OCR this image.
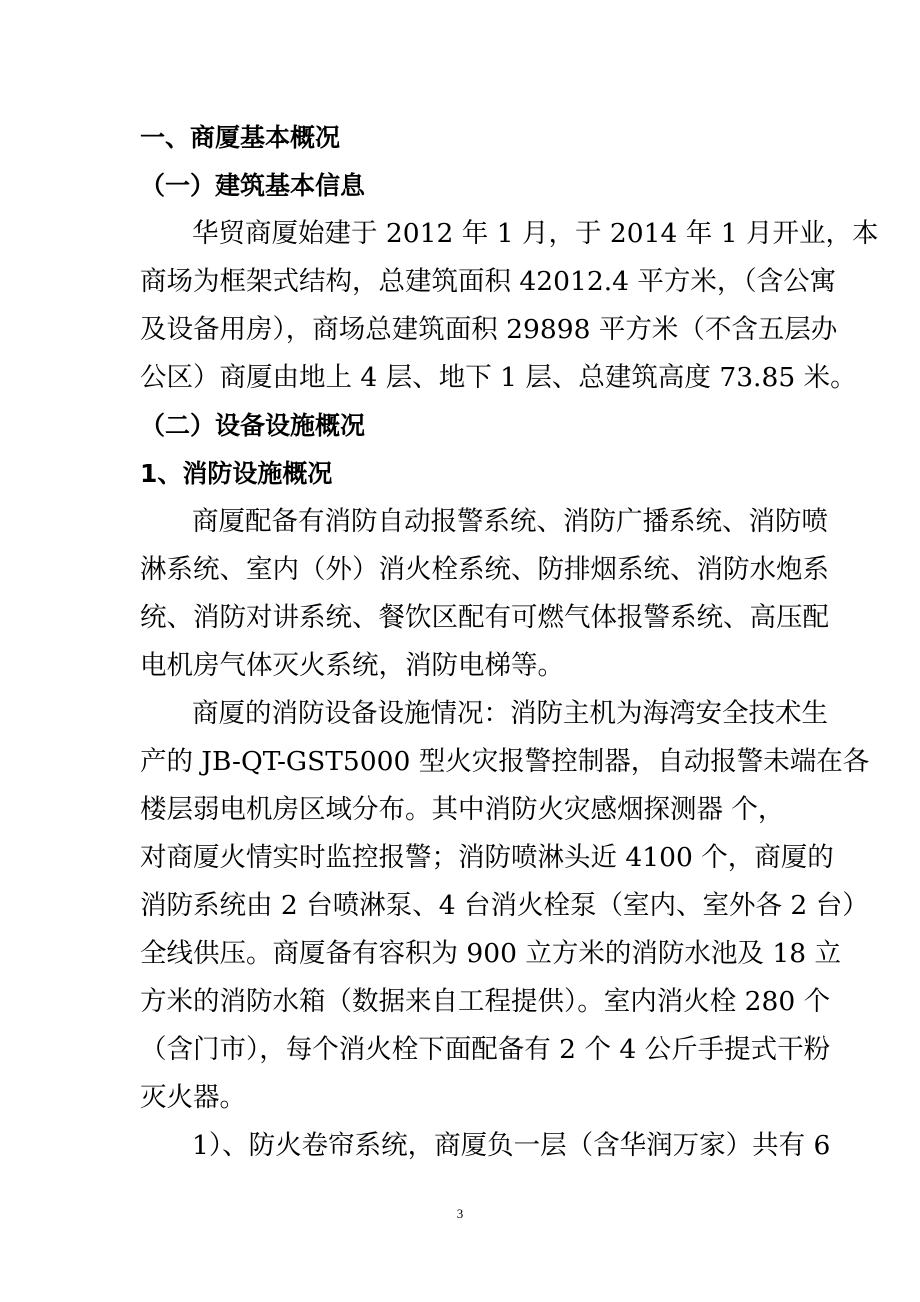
一、商厦基本概况
（一）建筑基本信息
华贸商厦始建于 2012 年 1 月，于 2014 年 1 月开业，本
商场为框架式结构，总建筑面积 42012.4 平方米，（含公寓
及设备用房），商场总建筑面积 29898 平方米（不含五层办
公区）商厦由地上 4 层、地下 1 层、总建筑高度 73.85 米。
（二）设备设施概况
1、消防设施概况
商厦配备有消防自动报警系统、消防广播系统、消防喷
淋系统、室内（外）消火栓系统、防排烟系统、消防水炮系
统、消防对讲系统、餐饮区配有可燃气体报警系统、高压配
电机房气体灭火系统，消防电梯等。
商厦的消防设备设施情况：消防主机为海湾安全技术生
产的 JB-QT-GST5000 型火灾报警控制器，自动报警未端在各
楼层弱电机房区域分布。其中消防火灾感烟探测器 个，
对商厦火情实时监控报警；消防喷淋头近 4100 个，商厦的
消防系统由 2 台喷淋泵、4 台消火栓泵（室内、室外各 2 台）
全线供压。商厦备有容积为 900 立方米的消防水池及 18 立
方米的消防水箱（数据来自工程提供）。室内消火栓 280 个
（含门市），每个消火栓下面配备有 2 个 4 公斤手提式干粉
灭火器。
1）、防火卷帘系统，商厦负一层（含华润万家）共有 6
3
